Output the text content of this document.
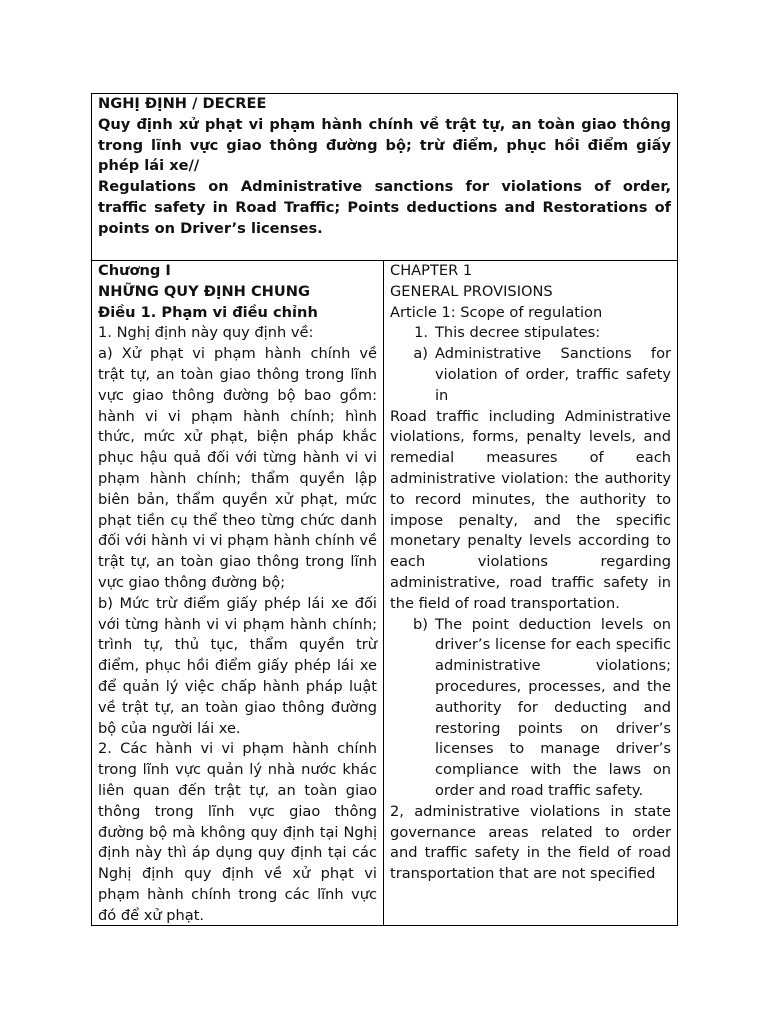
NGHỊ ĐỊNH / DECREE

Quy định xử phạt vi phạm hành chính về trật tự, an toàn giao thông trong lĩnh vực giao thông đường bộ; trừ điểm, phục hồi điểm giấy phép lái xe//

Regulations on Administrative sanctions for violations of order, traffic safety in Road Traffic; Points deductions and Restorations of points on Driver’s licenses.

Chương I

NHỮNG QUY ĐỊNH CHUNG

Điều 1. Phạm vi điều chỉnh

1. Nghị định này quy định về:

a) Xử phạt vi phạm hành chính về trật tự, an toàn giao thông trong lĩnh vực giao thông đường bộ bao gồm: hành vi vi phạm hành chính; hình thức, mức xử phạt, biện pháp khắc phục hậu quả đối với từng hành vi vi phạm hành chính; thẩm quyền lập biên bản, thẩm quyền xử phạt, mức phạt tiền cụ thể theo từng chức danh đối với hành vi vi phạm hành chính về trật tự, an toàn giao thông trong lĩnh vực giao thông đường bộ;

b) Mức trừ điểm giấy phép lái xe đối với từng hành vi vi phạm hành chính; trình tự, thủ tục, thẩm quyền trừ điểm, phục hồi điểm giấy phép lái xe để quản lý việc chấp hành pháp luật về trật tự, an toàn giao thông đường bộ của người lái xe.

2. Các hành vi vi phạm hành chính trong lĩnh vực quản lý nhà nước khác liên quan đến trật tự, an toàn giao thông trong lĩnh vực giao thông đường bộ mà không quy định tại Nghị định này thì áp dụng quy định tại các Nghị định quy định về xử phạt vi phạm hành chính trong các lĩnh vực đó để xử phạt.

CHAPTER 1

GENERAL PROVISIONS

Article 1: Scope of regulation

1. This decree stipulates:
a) Administrative Sanctions for violation of order, traffic safety in

Road traffic including Administrative violations, forms, penalty levels, and remedial measures of each administrative violation: the authority to record minutes, the authority to impose penalty, and the specific monetary penalty levels according to each violations regarding administrative, road traffic safety in the field of road transportation.

b) The point deduction levels on driver’s license for each specific administrative violations; procedures, processes, and the authority for deducting and restoring points on driver’s licenses to manage driver’s compliance with the laws on order and road traffic safety.

2, administrative violations in state governance areas related to order and traffic safety in the field of road transportation that are not specified
